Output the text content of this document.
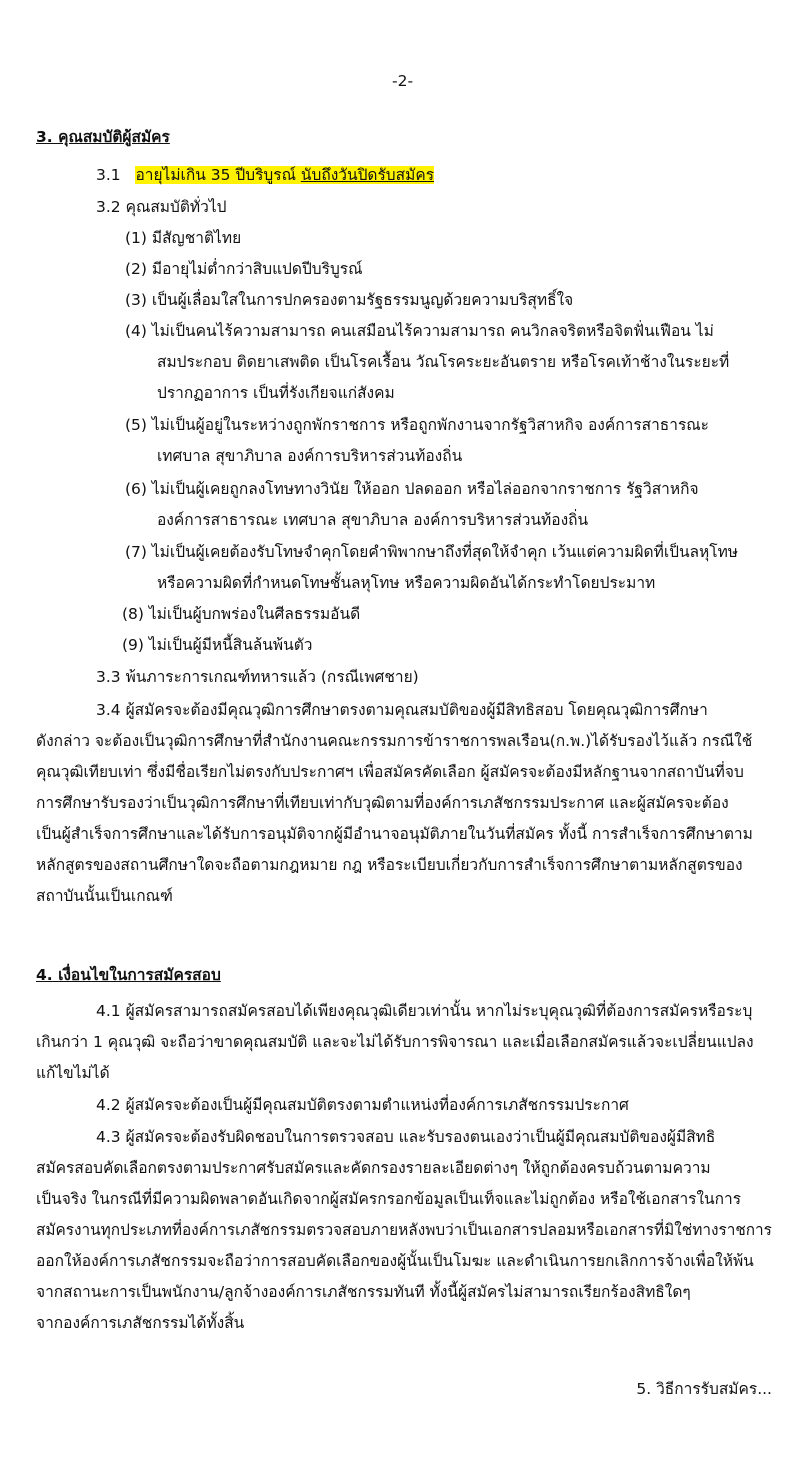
-2-
3. คุณสมบัติผู้สมัคร
3.1 อายุไม่เกิน 35 ปีบริบูรณ์ นับถึงวันปิดรับสมัคร
3.2 คุณสมบัติทั่วไป
(1) มีสัญชาติไทย
(2) มีอายุไม่ต่ำกว่าสิบแปดปีบริบูรณ์
(3) เป็นผู้เลื่อมใสในการปกครองตามรัฐธรรมนูญด้วยความบริสุทธิ์ใจ
(4) ไม่เป็นคนไร้ความสามารถ คนเสมือนไร้ความสามารถ คนวิกลจริตหรือจิตฟั่นเฟือน ไม่
สมประกอบ ติดยาเสพติด เป็นโรคเรื้อน วัณโรคระยะอันตราย หรือโรคเท้าช้างในระยะที่
ปรากฏอาการ เป็นที่รังเกียจแก่สังคม
(5) ไม่เป็นผู้อยู่ในระหว่างถูกพักราชการ หรือถูกพักงานจากรัฐวิสาหกิจ องค์การสาธารณะ
เทศบาล สุขาภิบาล องค์การบริหารส่วนท้องถิ่น
(6) ไม่เป็นผู้เคยถูกลงโทษทางวินัย ให้ออก ปลดออก หรือไล่ออกจากราชการ รัฐวิสาหกิจ
องค์การสาธารณะ เทศบาล สุขาภิบาล องค์การบริหารส่วนท้องถิ่น
(7) ไม่เป็นผู้เคยต้องรับโทษจำคุกโดยคำพิพากษาถึงที่สุดให้จำคุก เว้นแต่ความผิดที่เป็นลหุโทษ
หรือความผิดที่กำหนดโทษชั้นลหุโทษ หรือความผิดอันได้กระทำโดยประมาท
(8) ไม่เป็นผู้บกพร่องในศีลธรรมอันดี
(9) ไม่เป็นผู้มีหนี้สินล้นพ้นตัว
3.3 พ้นภาระการเกณฑ์ทหารแล้ว (กรณีเพศชาย)
3.4 ผู้สมัครจะต้องมีคุณวุฒิการศึกษาตรงตามคุณสมบัติของผู้มีสิทธิสอบ โดยคุณวุฒิการศึกษา
ดังกล่าว จะต้องเป็นวุฒิการศึกษาที่สำนักงานคณะกรรมการข้าราชการพลเรือน(ก.พ.)ได้รับรองไว้แล้ว กรณีใช้
คุณวุฒิเทียบเท่า ซึ่งมีชื่อเรียกไม่ตรงกับประกาศฯ เพื่อสมัครคัดเลือก ผู้สมัครจะต้องมีหลักฐานจากสถาบันที่จบ
การศึกษารับรองว่าเป็นวุฒิการศึกษาที่เทียบเท่ากับวุฒิตามที่องค์การเภสัชกรรมประกาศ และผู้สมัครจะต้อง
เป็นผู้สำเร็จการศึกษาและได้รับการอนุมัติจากผู้มีอำนาจอนุมัติภายในวันที่สมัคร ทั้งนี้ การสำเร็จการศึกษาตาม
หลักสูตรของสถานศึกษาใดจะถือตามกฎหมาย กฎ หรือระเบียบเกี่ยวกับการสำเร็จการศึกษาตามหลักสูตรของ
สถาบันนั้นเป็นเกณฑ์
4. เงื่อนไขในการสมัครสอบ
4.1 ผู้สมัครสามารถสมัครสอบได้เพียงคุณวุฒิเดียวเท่านั้น หากไม่ระบุคุณวุฒิที่ต้องการสมัครหรือระบุ
เกินกว่า 1 คุณวุฒิ จะถือว่าขาดคุณสมบัติ และจะไม่ได้รับการพิจารณา และเมื่อเลือกสมัครแล้วจะเปลี่ยนแปลง
แก้ไขไม่ได้
4.2 ผู้สมัครจะต้องเป็นผู้มีคุณสมบัติตรงตามตำแหน่งที่องค์การเภสัชกรรมประกาศ
4.3 ผู้สมัครจะต้องรับผิดชอบในการตรวจสอบ และรับรองตนเองว่าเป็นผู้มีคุณสมบัติของผู้มีสิทธิ
สมัครสอบคัดเลือกตรงตามประกาศรับสมัครและคัดกรองรายละเอียดต่างๆ ให้ถูกต้องครบถ้วนตามความ
เป็นจริง ในกรณีที่มีความผิดพลาดอันเกิดจากผู้สมัครกรอกข้อมูลเป็นเท็จและไม่ถูกต้อง หรือใช้เอกสารในการ
สมัครงานทุกประเภทที่องค์การเภสัชกรรมตรวจสอบภายหลังพบว่าเป็นเอกสารปลอมหรือเอกสารที่มิใช่ทางราชการ
ออกให้องค์การเภสัชกรรมจะถือว่าการสอบคัดเลือกของผู้นั้นเป็นโมฆะ และดำเนินการยกเลิกการจ้างเพื่อให้พ้น
จากสถานะการเป็นพนักงาน/ลูกจ้างองค์การเภสัชกรรมทันที ทั้งนี้ผู้สมัครไม่สามารถเรียกร้องสิทธิใดๆ
จากองค์การเภสัชกรรมได้ทั้งสิ้น
5. วิธีการรับสมัคร...
